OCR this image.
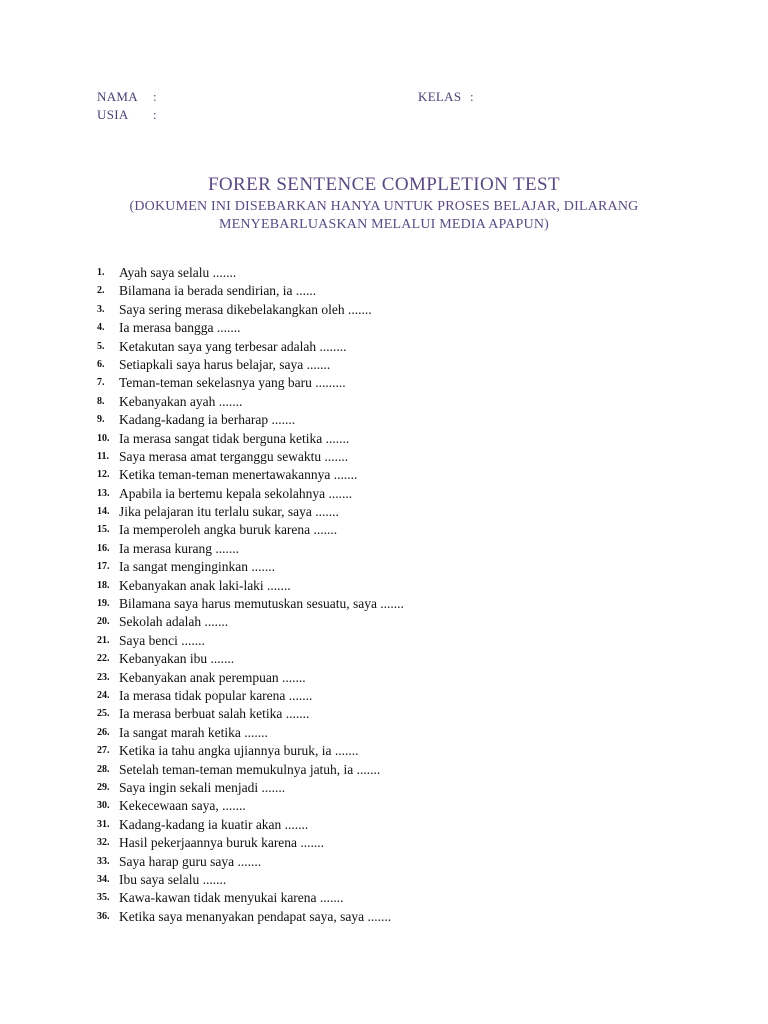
NAMA :
USIA :
KELAS :
FORER SENTENCE COMPLETION TEST
(DOKUMEN INI DISEBARKAN HANYA UNTUK PROSES BELAJAR, DILARANG
MENYEBARLUASKAN MELALUI MEDIA APAPUN)
1.	Ayah saya selalu .......
2.	Bilamana ia berada sendirian, ia ......
3.	Saya sering merasa dikebelakangkan oleh .......
4.	Ia merasa bangga .......
5.	Ketakutan saya yang terbesar adalah ........
6.	Setiapkali saya harus belajar, saya .......
7.	Teman-teman sekelasnya yang baru .........
8.	Kebanyakan ayah .......
9.	Kadang-kadang ia berharap .......
10. Ia merasa sangat tidak berguna ketika .......
11. Saya merasa amat terganggu sewaktu .......
12. Ketika teman-teman menertawakannya .......
13. Apabila ia bertemu kepala sekolahnya .......
14. Jika pelajaran itu terlalu sukar, saya .......
15. Ia memperoleh angka buruk karena .......
16. Ia merasa kurang .......
17. Ia sangat menginginkan .......
18. Kebanyakan anak laki-laki .......
19. Bilamana saya harus memutuskan sesuatu, saya .......
20. Sekolah adalah .......
21. Saya benci .......
22. Kebanyakan ibu .......
23. Kebanyakan anak perempuan .......
24. Ia merasa tidak popular karena .......
25. Ia merasa berbuat salah ketika .......
26. Ia sangat marah ketika .......
27. Ketika ia tahu angka ujiannya buruk, ia .......
28. Setelah teman-teman memukulnya jatuh, ia .......
29. Saya ingin sekali menjadi .......
30. Kekecewaan saya, .......
31. Kadang-kadang ia kuatir akan .......
32. Hasil pekerjaannya buruk karena .......
33. Saya harap guru saya .......
34. Ibu saya selalu .......
35. Kawa-kawan tidak menyukai karena .......
36. Ketika saya menanyakan pendapat saya, saya .......
